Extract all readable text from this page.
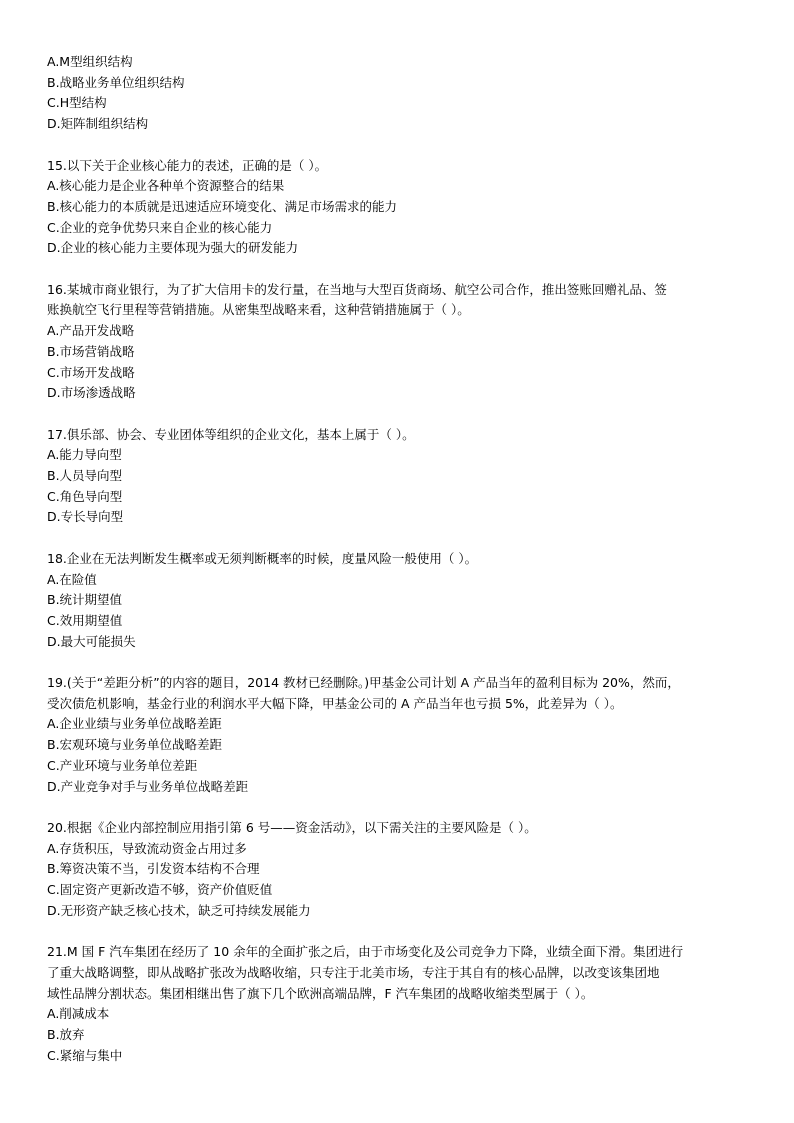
A.M型组织结构
B.战略业务单位组织结构
C.H型结构
D.矩阵制组织结构
15.以下关于企业核心能力的表述，正确的是（ ）。
A.核心能力是企业各种单个资源整合的结果
B.核心能力的本质就是迅速适应环境变化、满足市场需求的能力
C.企业的竞争优势只来自企业的核心能力
D.企业的核心能力主要体现为强大的研发能力
16.某城市商业银行，为了扩大信用卡的发行量，在当地与大型百货商场、航空公司合作，推出签账回赠礼品、签
账换航空飞行里程等营销措施。从密集型战略来看，这种营销措施属于（ ）。
A.产品开发战略
B.市场营销战略
C.市场开发战略
D.市场渗透战略
17.俱乐部、协会、专业团体等组织的企业文化，基本上属于（ ）。
A.能力导向型
B.人员导向型
C.角色导向型
D.专长导向型
18.企业在无法判断发生概率或无须判断概率的时候，度量风险一般使用（ ）。
A.在险值
B.统计期望值
C.效用期望值
D.最大可能损失
19.(关于“差距分析”的内容的题目，2014 教材已经删除。)甲基金公司计划 A 产品当年的盈利目标为 20%，然而，
受次债危机影响，基金行业的利润水平大幅下降，甲基金公司的 A 产品当年也亏损 5%，此差异为（ ）。
A.企业业绩与业务单位战略差距
B.宏观环境与业务单位战略差距
C.产业环境与业务单位差距
D.产业竞争对手与业务单位战略差距
20.根据《企业内部控制应用指引第 6 号——资金活动》，以下需关注的主要风险是（ ）。
A.存货积压，导致流动资金占用过多
B.筹资决策不当，引发资本结构不合理
C.固定资产更新改造不够，资产价值贬值
D.无形资产缺乏核心技术，缺乏可持续发展能力
21.M 国 F 汽车集团在经历了 10 余年的全面扩张之后，由于市场变化及公司竞争力下降，业绩全面下滑。集团进行
了重大战略调整，即从战略扩张改为战略收缩，只专注于北美市场，专注于其自有的核心品牌，以改变该集团地
域性品牌分割状态。集团相继出售了旗下几个欧洲高端品牌，F 汽车集团的战略收缩类型属于（ ）。
A.削减成本
B.放弃
C.紧缩与集中
